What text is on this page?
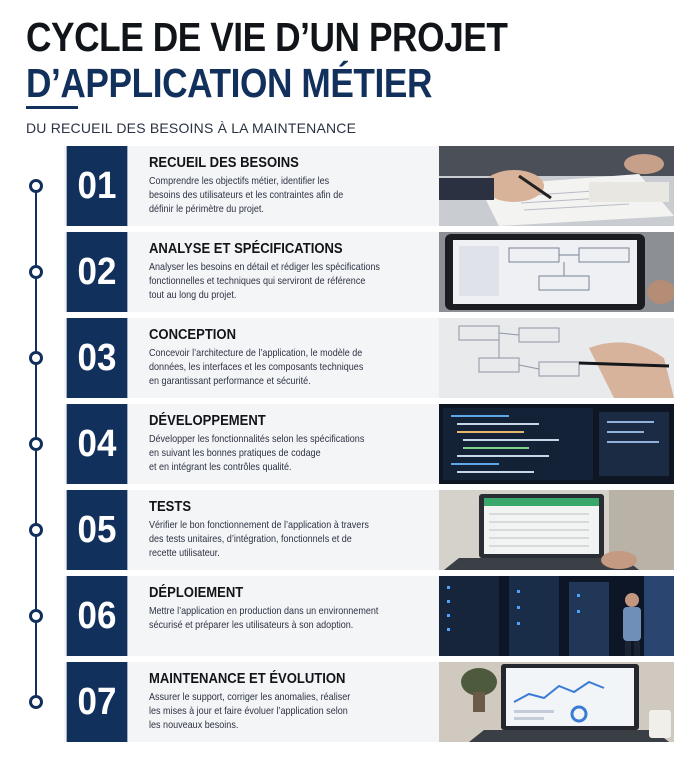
CYCLE DE VIE D’UN PROJET
D’APPLICATION MÉTIER
DU RECUEIL DES BESOINS À LA MAINTENANCE
01
RECUEIL DES BESOINS
Comprendre les objectifs métier, identifier les
besoins des utilisateurs et les contraintes afin de
définir le périmètre du projet.
02
ANALYSE ET SPÉCIFICATIONS
Analyser les besoins en détail et rédiger les spécifications
fonctionnelles et techniques qui serviront de référence
tout au long du projet.
03
CONCEPTION
Concevoir l’architecture de l’application, le modèle de
données, les interfaces et les composants techniques
en garantissant performance et sécurité.
04
DÉVELOPPEMENT
Développer les fonctionnalités selon les spécifications
en suivant les bonnes pratiques de codage
et en intégrant les contrôles qualité.
05
TESTS
Vérifier le bon fonctionnement de l’application à travers
des tests unitaires, d’intégration, fonctionnels et de
recette utilisateur.
06
DÉPLOIEMENT
Mettre l’application en production dans un environnement
sécurisé et préparer les utilisateurs à son adoption.
07
MAINTENANCE ET ÉVOLUTION
Assurer le support, corriger les anomalies, réaliser
les mises à jour et faire évoluer l’application selon
les nouveaux besoins.
